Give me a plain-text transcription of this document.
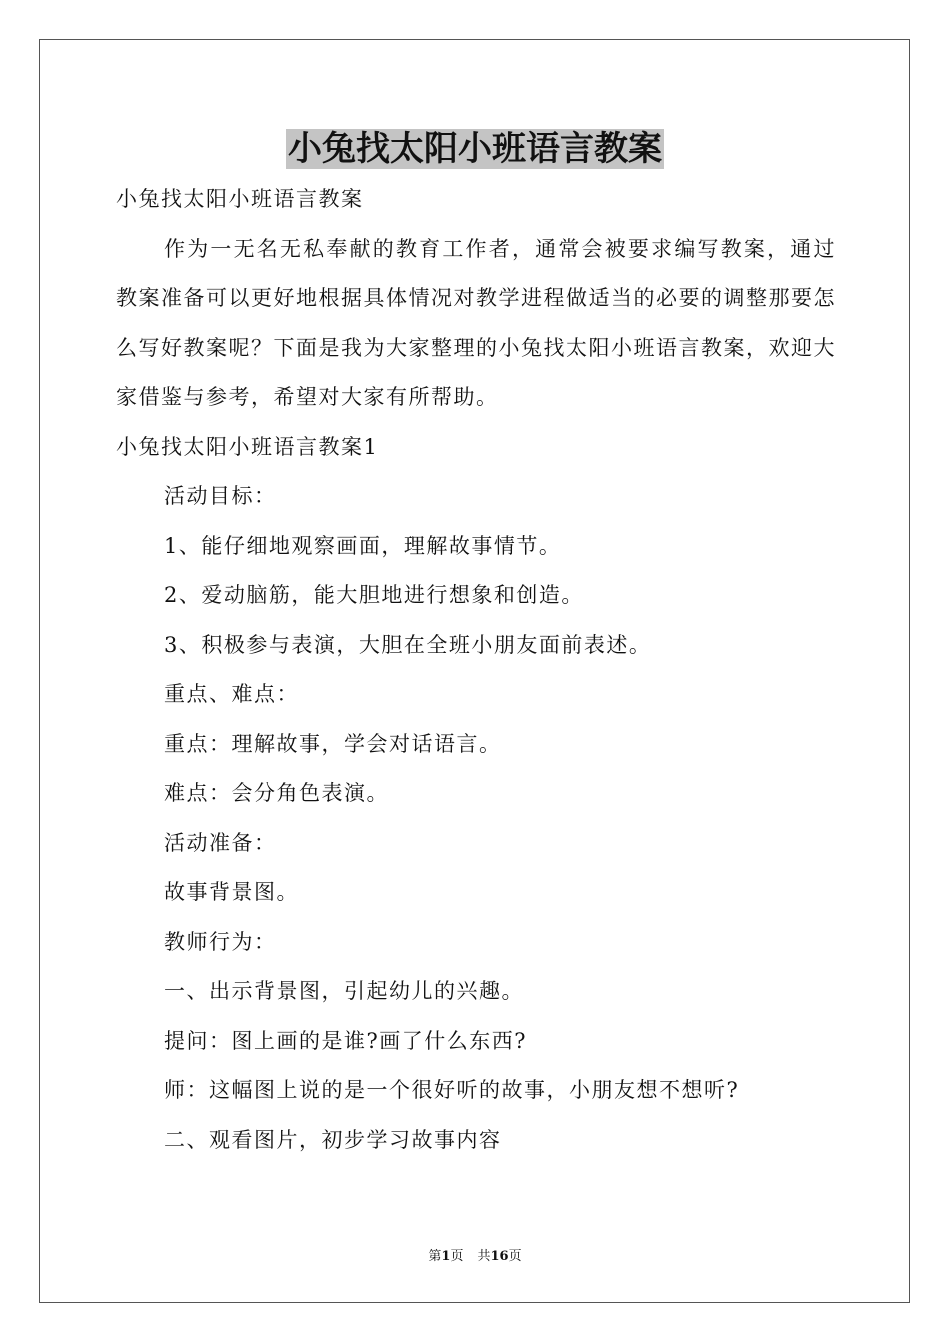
小兔找太阳小班语言教案
小兔找太阳小班语言教案
作为一无名无私奉献的教育工作者，通常会被要求编写教案，通过教案准备可以更好地根据具体情况对教学进程做适当的必要的调整那要怎么写好教案呢？下面是我为大家整理的小兔找太阳小班语言教案，欢迎大家借鉴与参考，希望对大家有所帮助。
小兔找太阳小班语言教案1
活动目标：
1、能仔细地观察画面，理解故事情节。
2、爱动脑筋，能大胆地进行想象和创造。
3、积极参与表演，大胆在全班小朋友面前表述。
重点、难点：
重点：理解故事，学会对话语言。
难点：会分角色表演。
活动准备：
故事背景图。
教师行为：
一、出示背景图，引起幼儿的兴趣。
提问：图上画的是谁?画了什么东西?
师：这幅图上说的是一个很好听的故事，小朋友想不想听?
二、观看图片，初步学习故事内容
第1页 共16页
